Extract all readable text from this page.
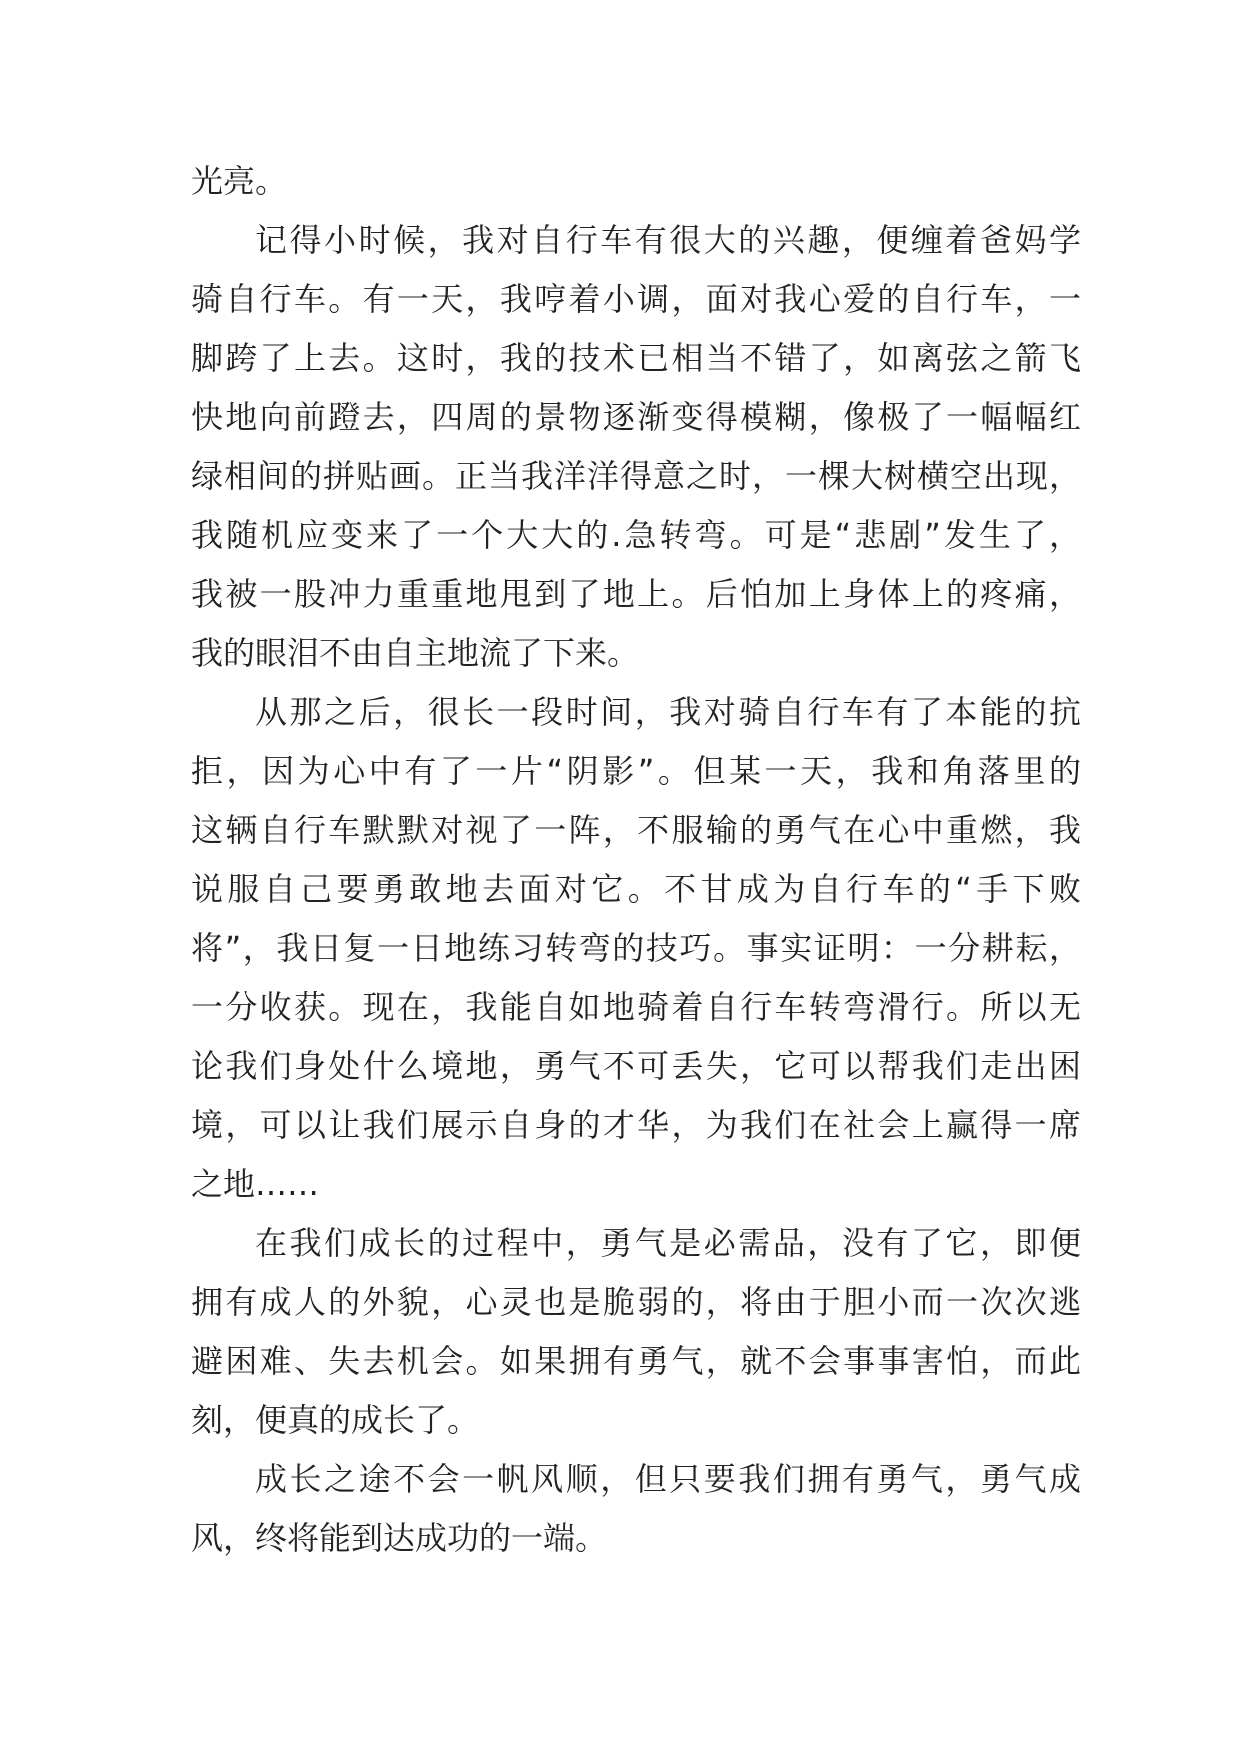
光亮。
记得小时候，我对自行车有很大的兴趣，便缠着爸妈学
骑自行车。有一天，我哼着小调，面对我心爱的自行车，一
脚跨了上去。这时，我的技术已相当不错了，如离弦之箭飞
快地向前蹬去，四周的景物逐渐变得模糊，像极了一幅幅红
绿相间的拼贴画。正当我洋洋得意之时，一棵大树横空出现，
我随机应变来了一个大大的.急转弯。可是“悲剧”发生了，
我被一股冲力重重地甩到了地上。后怕加上身体上的疼痛，
我的眼泪不由自主地流了下来。
从那之后，很长一段时间，我对骑自行车有了本能的抗
拒，因为心中有了一片“阴影”。但某一天，我和角落里的
这辆自行车默默对视了一阵，不服输的勇气在心中重燃，我
说服自己要勇敢地去面对它。不甘成为自行车的“手下败
将”，我日复一日地练习转弯的技巧。事实证明：一分耕耘，
一分收获。现在，我能自如地骑着自行车转弯滑行。所以无
论我们身处什么境地，勇气不可丢失，它可以帮我们走出困
境，可以让我们展示自身的才华，为我们在社会上赢得一席
之地……
在我们成长的过程中，勇气是必需品，没有了它，即便
拥有成人的外貌，心灵也是脆弱的，将由于胆小而一次次逃
避困难、失去机会。如果拥有勇气，就不会事事害怕，而此
刻，便真的成长了。
成长之途不会一帆风顺，但只要我们拥有勇气，勇气成
风，终将能到达成功的一端。
